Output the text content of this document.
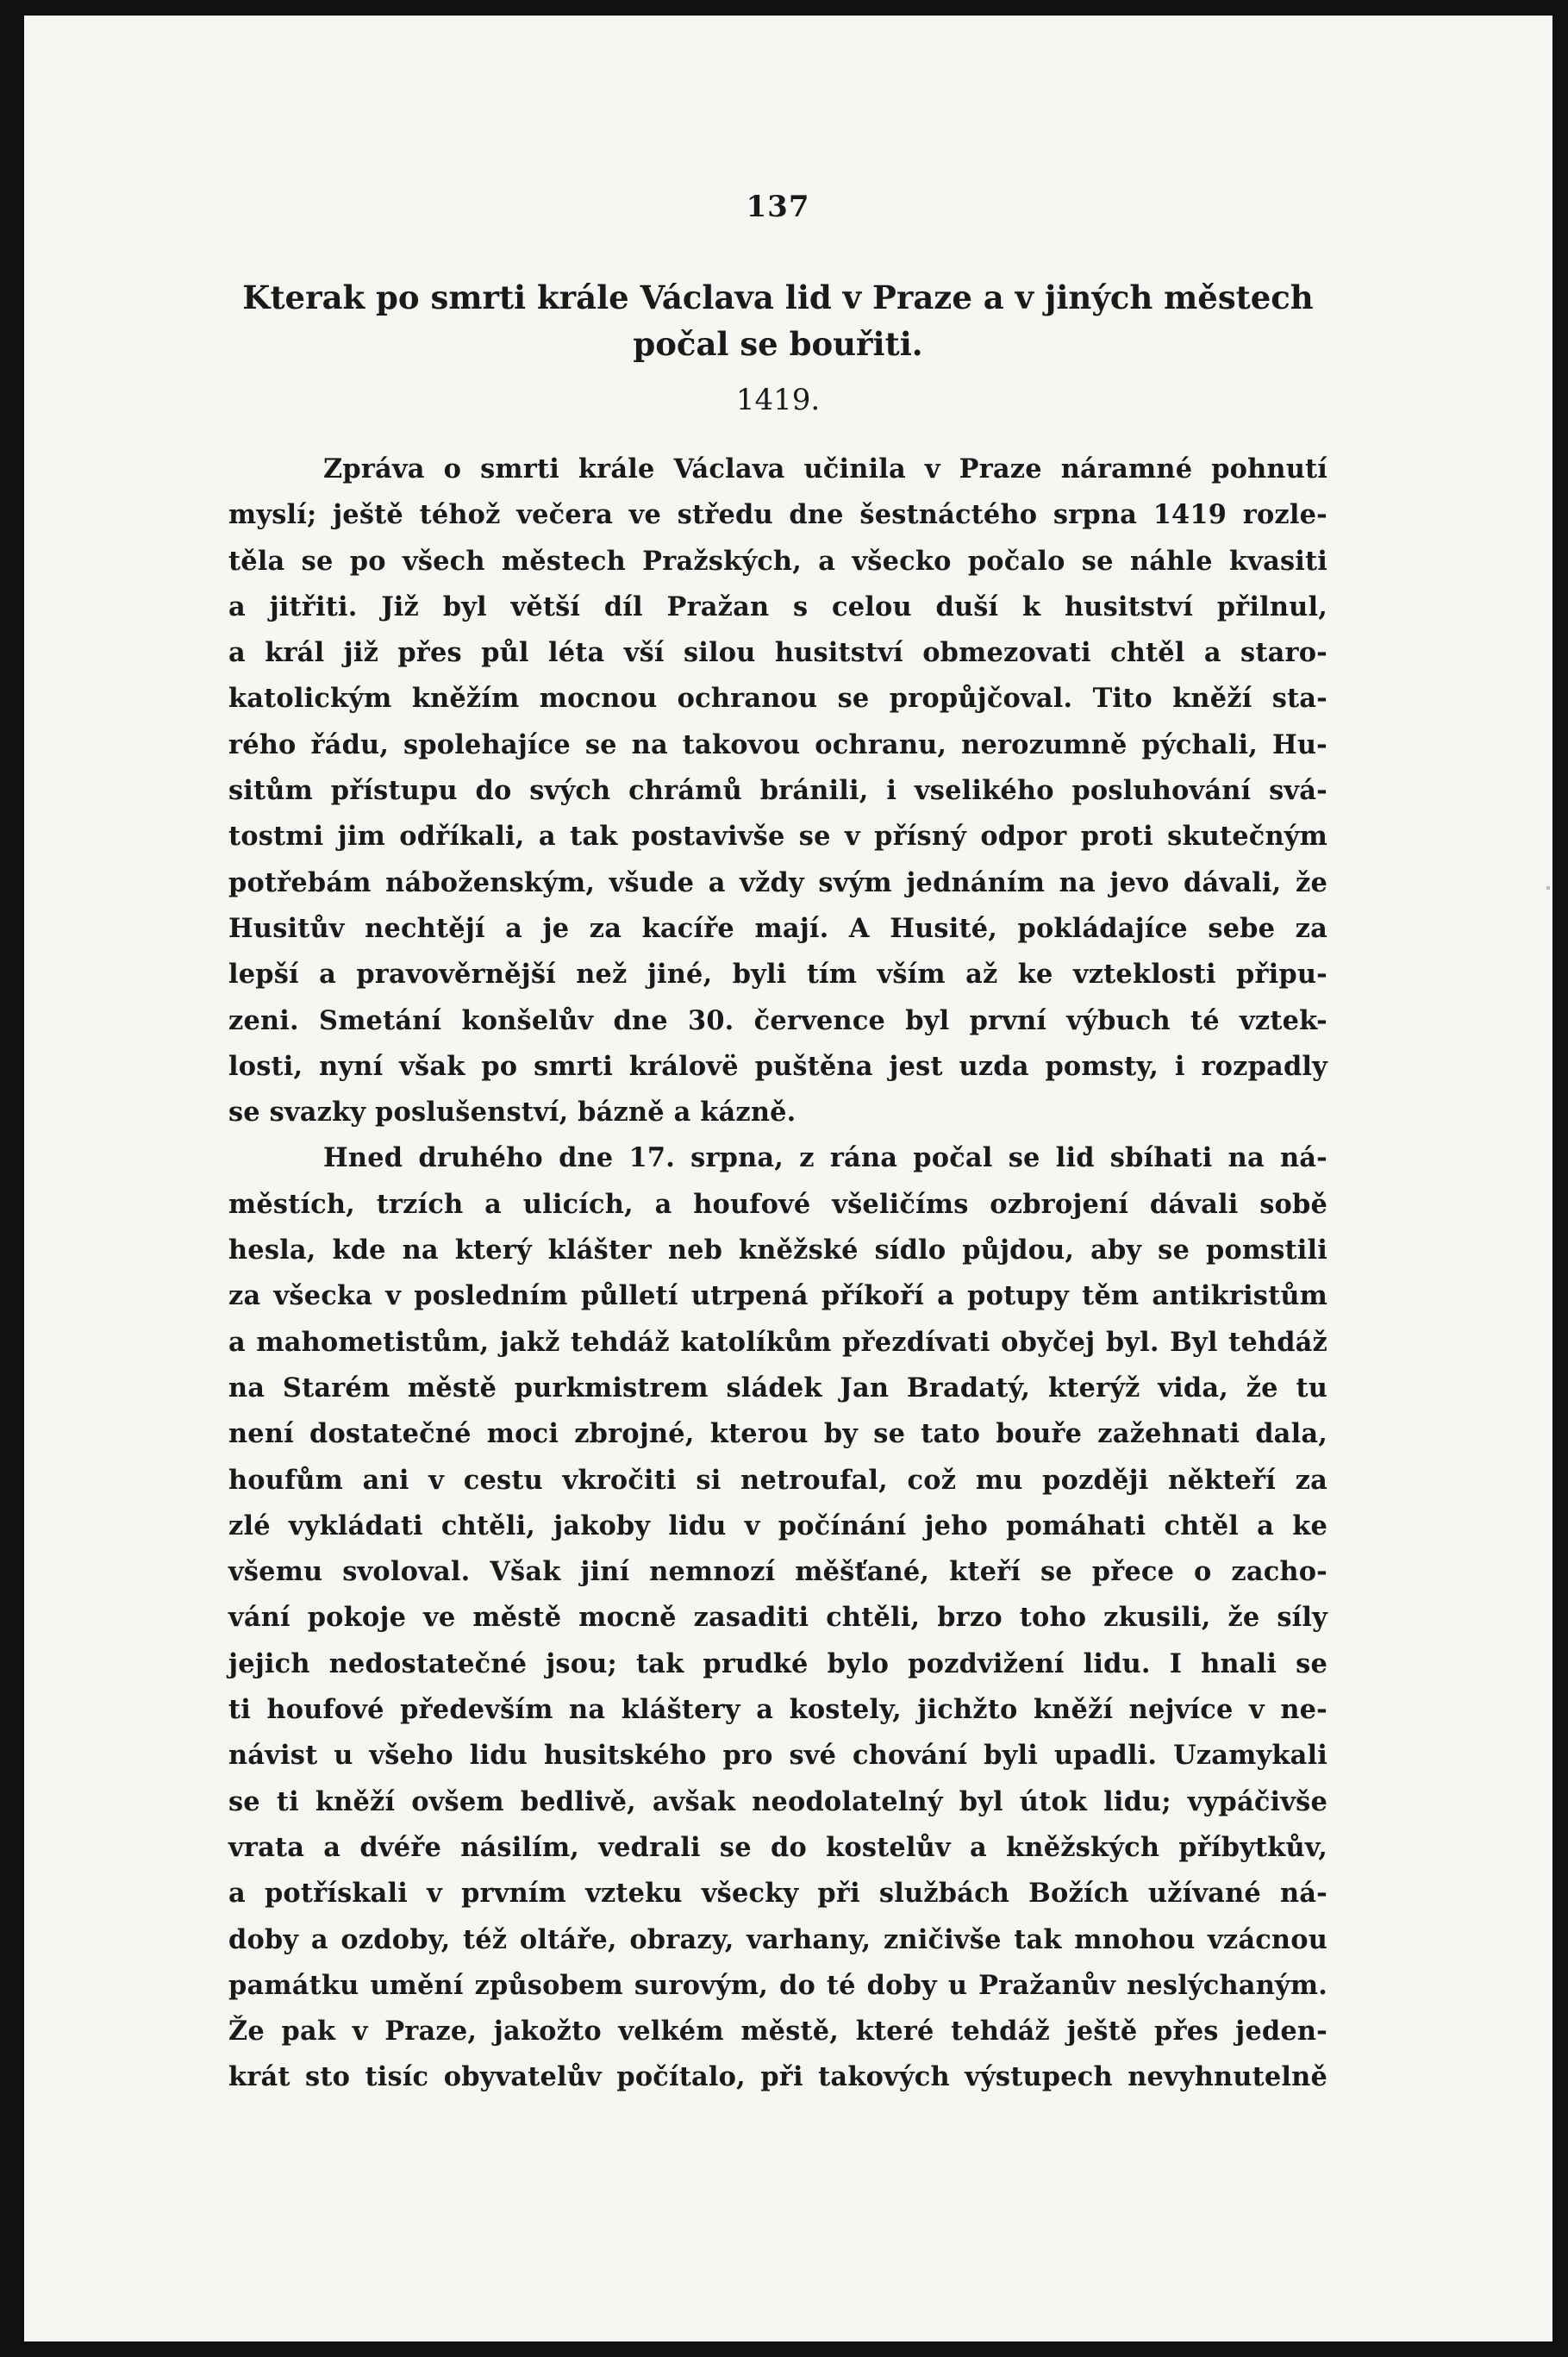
137
Kterak po smrti krále Václava lid v Praze a v jiných městech
počal se bouřiti.
1419.
Zpráva o smrti krále Václava učinila v Praze náramné pohnutí
myslí; ještě téhož večera ve středu dne šestnáctého srpna 1419 rozle-
těla se po všech městech Pražských, a všecko počalo se náhle kvasiti
a jitřiti. Již byl větší díl Pražan s celou duší k husitství přilnul,
a král již přes půl léta vší silou husitství obmezovati chtěl a staro-
katolickým kněžím mocnou ochranou se propůjčoval. Tito kněží sta-
rého řádu, spolehajíce se na takovou ochranu, nerozumně pýchali, Hu-
sitům přístupu do svých chrámů bránili, i vselikého posluhování svá-
tostmi jim odříkali, a tak postavivše se v přísný odpor proti skutečným
potřebám náboženským, všude a vždy svým jednáním na jevo dávali, že
Husitův nechtějí a je za kacíře mají. A Husité, pokládajíce sebe za
lepší a pravověrnější než jiné, byli tím vším až ke vzteklosti připu-
zeni. Smetání konšelův dne 30. července byl první výbuch té vztek-
losti, nyní však po smrti královë puštěna jest uzda pomsty, i rozpadly
se svazky poslušenství, bázně a kázně.
Hned druhého dne 17. srpna, z rána počal se lid sbíhati na ná-
městích, trzích a ulicích, a houfové všeličíms ozbrojení dávali sobě
hesla, kde na který klášter neb kněžské sídlo půjdou, aby se pomstili
za všecka v posledním půlletí utrpená příkoří a potupy těm antikristům
a mahometistům, jakž tehdáž katolíkům přezdívati obyčej byl. Byl tehdáž
na Starém městě purkmistrem sládek Jan Bradatý, kterýž vida, že tu
není dostatečné moci zbrojné, kterou by se tato bouře zažehnati dala,
houfům ani v cestu vkročiti si netroufal, což mu později někteří za
zlé vykládati chtěli, jakoby lidu v počínání jeho pomáhati chtěl a ke
všemu svoloval. Však jiní nemnozí měšťané, kteří se přece o zacho-
vání pokoje ve městě mocně zasaditi chtěli, brzo toho zkusili, že síly
jejich nedostatečné jsou; tak prudké bylo pozdvižení lidu. I hnali se
ti houfové především na kláštery a kostely, jichžto kněží nejvíce v ne-
návist u všeho lidu husitského pro své chování byli upadli. Uzamykali
se ti kněží ovšem bedlivě, avšak neodolatelný byl útok lidu; vypáčivše
vrata a dvéře násilím, vedrali se do kostelův a kněžských příbytkův,
a potřískali v prvním vzteku všecky při službách Božích užívané ná-
doby a ozdoby, též oltáře, obrazy, varhany, zničivše tak mnohou vzácnou
památku umění způsobem surovým, do té doby u Pražanův neslýchaným.
Že pak v Praze, jakožto velkém městě, které tehdáž ještě přes jeden-
krát sto tisíc obyvatelův počítalo, při takových výstupech nevyhnutelně
